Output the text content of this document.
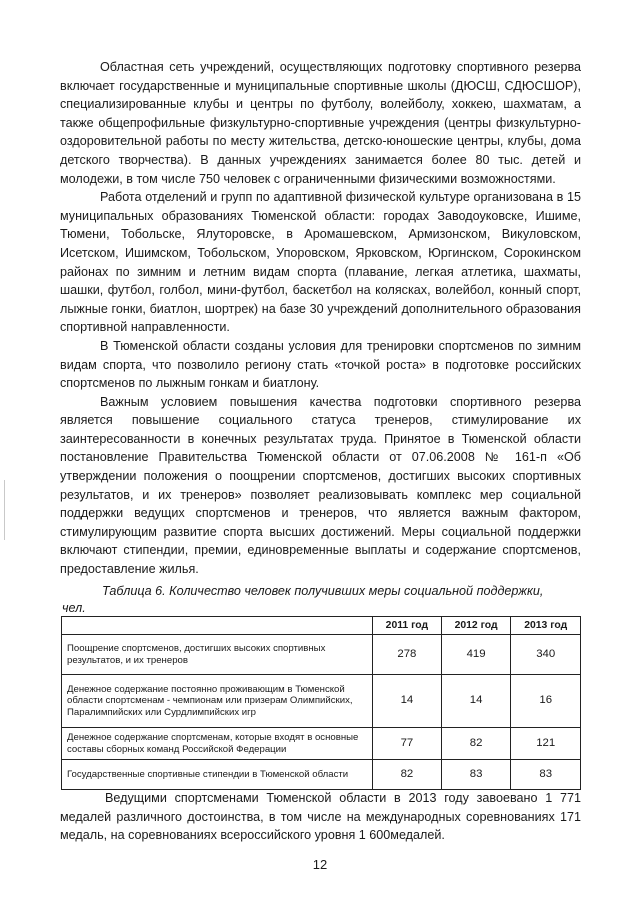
Областная сеть учреждений, осуществляющих подготовку спортивного резерва включает государственные и муниципальные спортивные школы (ДЮСШ, СДЮСШОР), специализированные клубы и центры по футболу, волейболу, хоккею, шахматам, а также общепрофильные физкультурно-спортивные учреждения (центры физкультурно-оздоровительной работы по месту жительства, детско-юношеские центры, клубы, дома детского творчества). В данных учреждениях занимается более 80 тыс. детей и молодежи, в том числе 750 человек с ограниченными физическими возможностями.

Работа отделений и групп по адаптивной физической культуре организована в 15 муниципальных образованиях Тюменской области: городах Заводоуковске, Ишиме, Тюмени, Тобольске, Ялуторовске, в Аромашевском, Армизонском, Викуловском, Исетском, Ишимском, Тобольском, Упоровском, Ярковском, Юргинском, Сорокинском районах по зимним и летним видам спорта (плавание, легкая атлетика, шахматы, шашки, футбол, голбол, мини-футбол, баскетбол на колясках, волейбол, конный спорт, лыжные гонки, биатлон, шортрек) на базе 30 учреждений дополнительного образования спортивной направленности.

В Тюменской области созданы условия для тренировки спортсменов по зимним видам спорта, что позволило региону стать «точкой роста» в подготовке российских спортсменов по лыжным гонкам и биатлону.

Важным условием повышения качества подготовки спортивного резерва является повышение социального статуса тренеров, стимулирование их заинтересованности в конечных результатах труда. Принятое в Тюменской области постановление Правительства Тюменской области от 07.06.2008 № 161-п «Об утверждении положения о поощрении спортсменов, достигших высоких спортивных результатов, и их тренеров» позволяет реализовывать комплекс мер социальной поддержки ведущих спортсменов и тренеров, что является важным фактором, стимулирующим развитие спорта высших достижений. Меры социальной поддержки включают стипендии, премии, единовременные выплаты и содержание спортсменов, предоставление жилья.

Таблица 6. Количество человек получивших меры социальной поддержки,
чел.
	2011 год	2012 год	2013 год
Поощрение спортсменов, достигших высоких спортивных результатов, и их тренеров	278	419	340
Денежное содержание постоянно проживающим в Тюменской области спортсменам - чемпионам или призерам Олимпийских, Паралимпийских или Сурдлимпийских игр	14	14	16
Денежное содержание спортсменам, которые входят в основные составы сборных команд Российской Федерации	77	82	121
Государственные спортивные стипендии в Тюменской области	82	83	83

Ведущими спортсменами Тюменской области в 2013 году завоевано 1 771 медалей различного достоинства, в том числе на международных соревнованиях 171 медаль, на соревнованиях всероссийского уровня 1 600медалей.

12
